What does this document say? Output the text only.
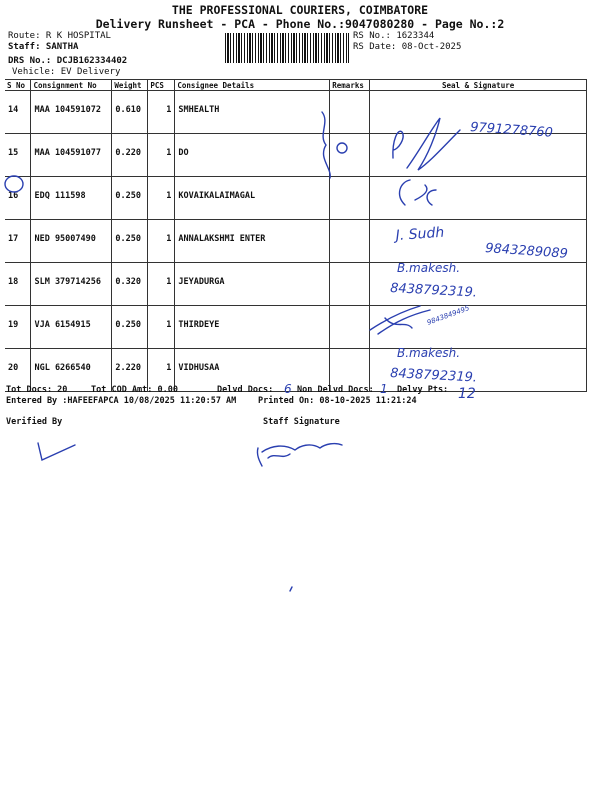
THE PROFESSIONAL COURIERS, COIMBATORE
Delivery Runsheet - PCA - Phone No.:9047080280 - Page No.:2
Route: R K HOSPITAL
Staff: SANTHA
DRS No.: DCJB162334402
Vehicle: EV Delivery
RS No.: 1623344
RS Date: 08-Oct-2025
S No	Consignment No	Weight	PCS	Consignee Details	Remarks	Seal & Signature
14	MAA 104591072	0.610	1	SMHEALTH		
15	MAA 104591077	0.220	1	DO		
16	EDQ 111598	0.250	1	KOVAIKALAIMAGAL		
17	NED 95007490	0.250	1	ANNALAKSHMI ENTER		
18	SLM 379714256	0.320	1	JEYADURGA		
19	VJA 6154915	0.250	1	THIRDEYE		
20	NGL 6266540	2.220	1	VIDHUSAA		
9791278760
J. Sudh
9843289089
B.makesh.
8438792319.
9843849495
B.makesh.
8438792319.
6	1	12
Tot Docs: 20	Tot COD Amt: 0.00	Delvd Docs:	Non Delvd Docs:	Delvy Pts:
Entered By :HAFEEFAPCA 10/08/2025 11:20:57 AM	Printed On: 08-10-2025 11:21:24
Verified By	Staff Signature
